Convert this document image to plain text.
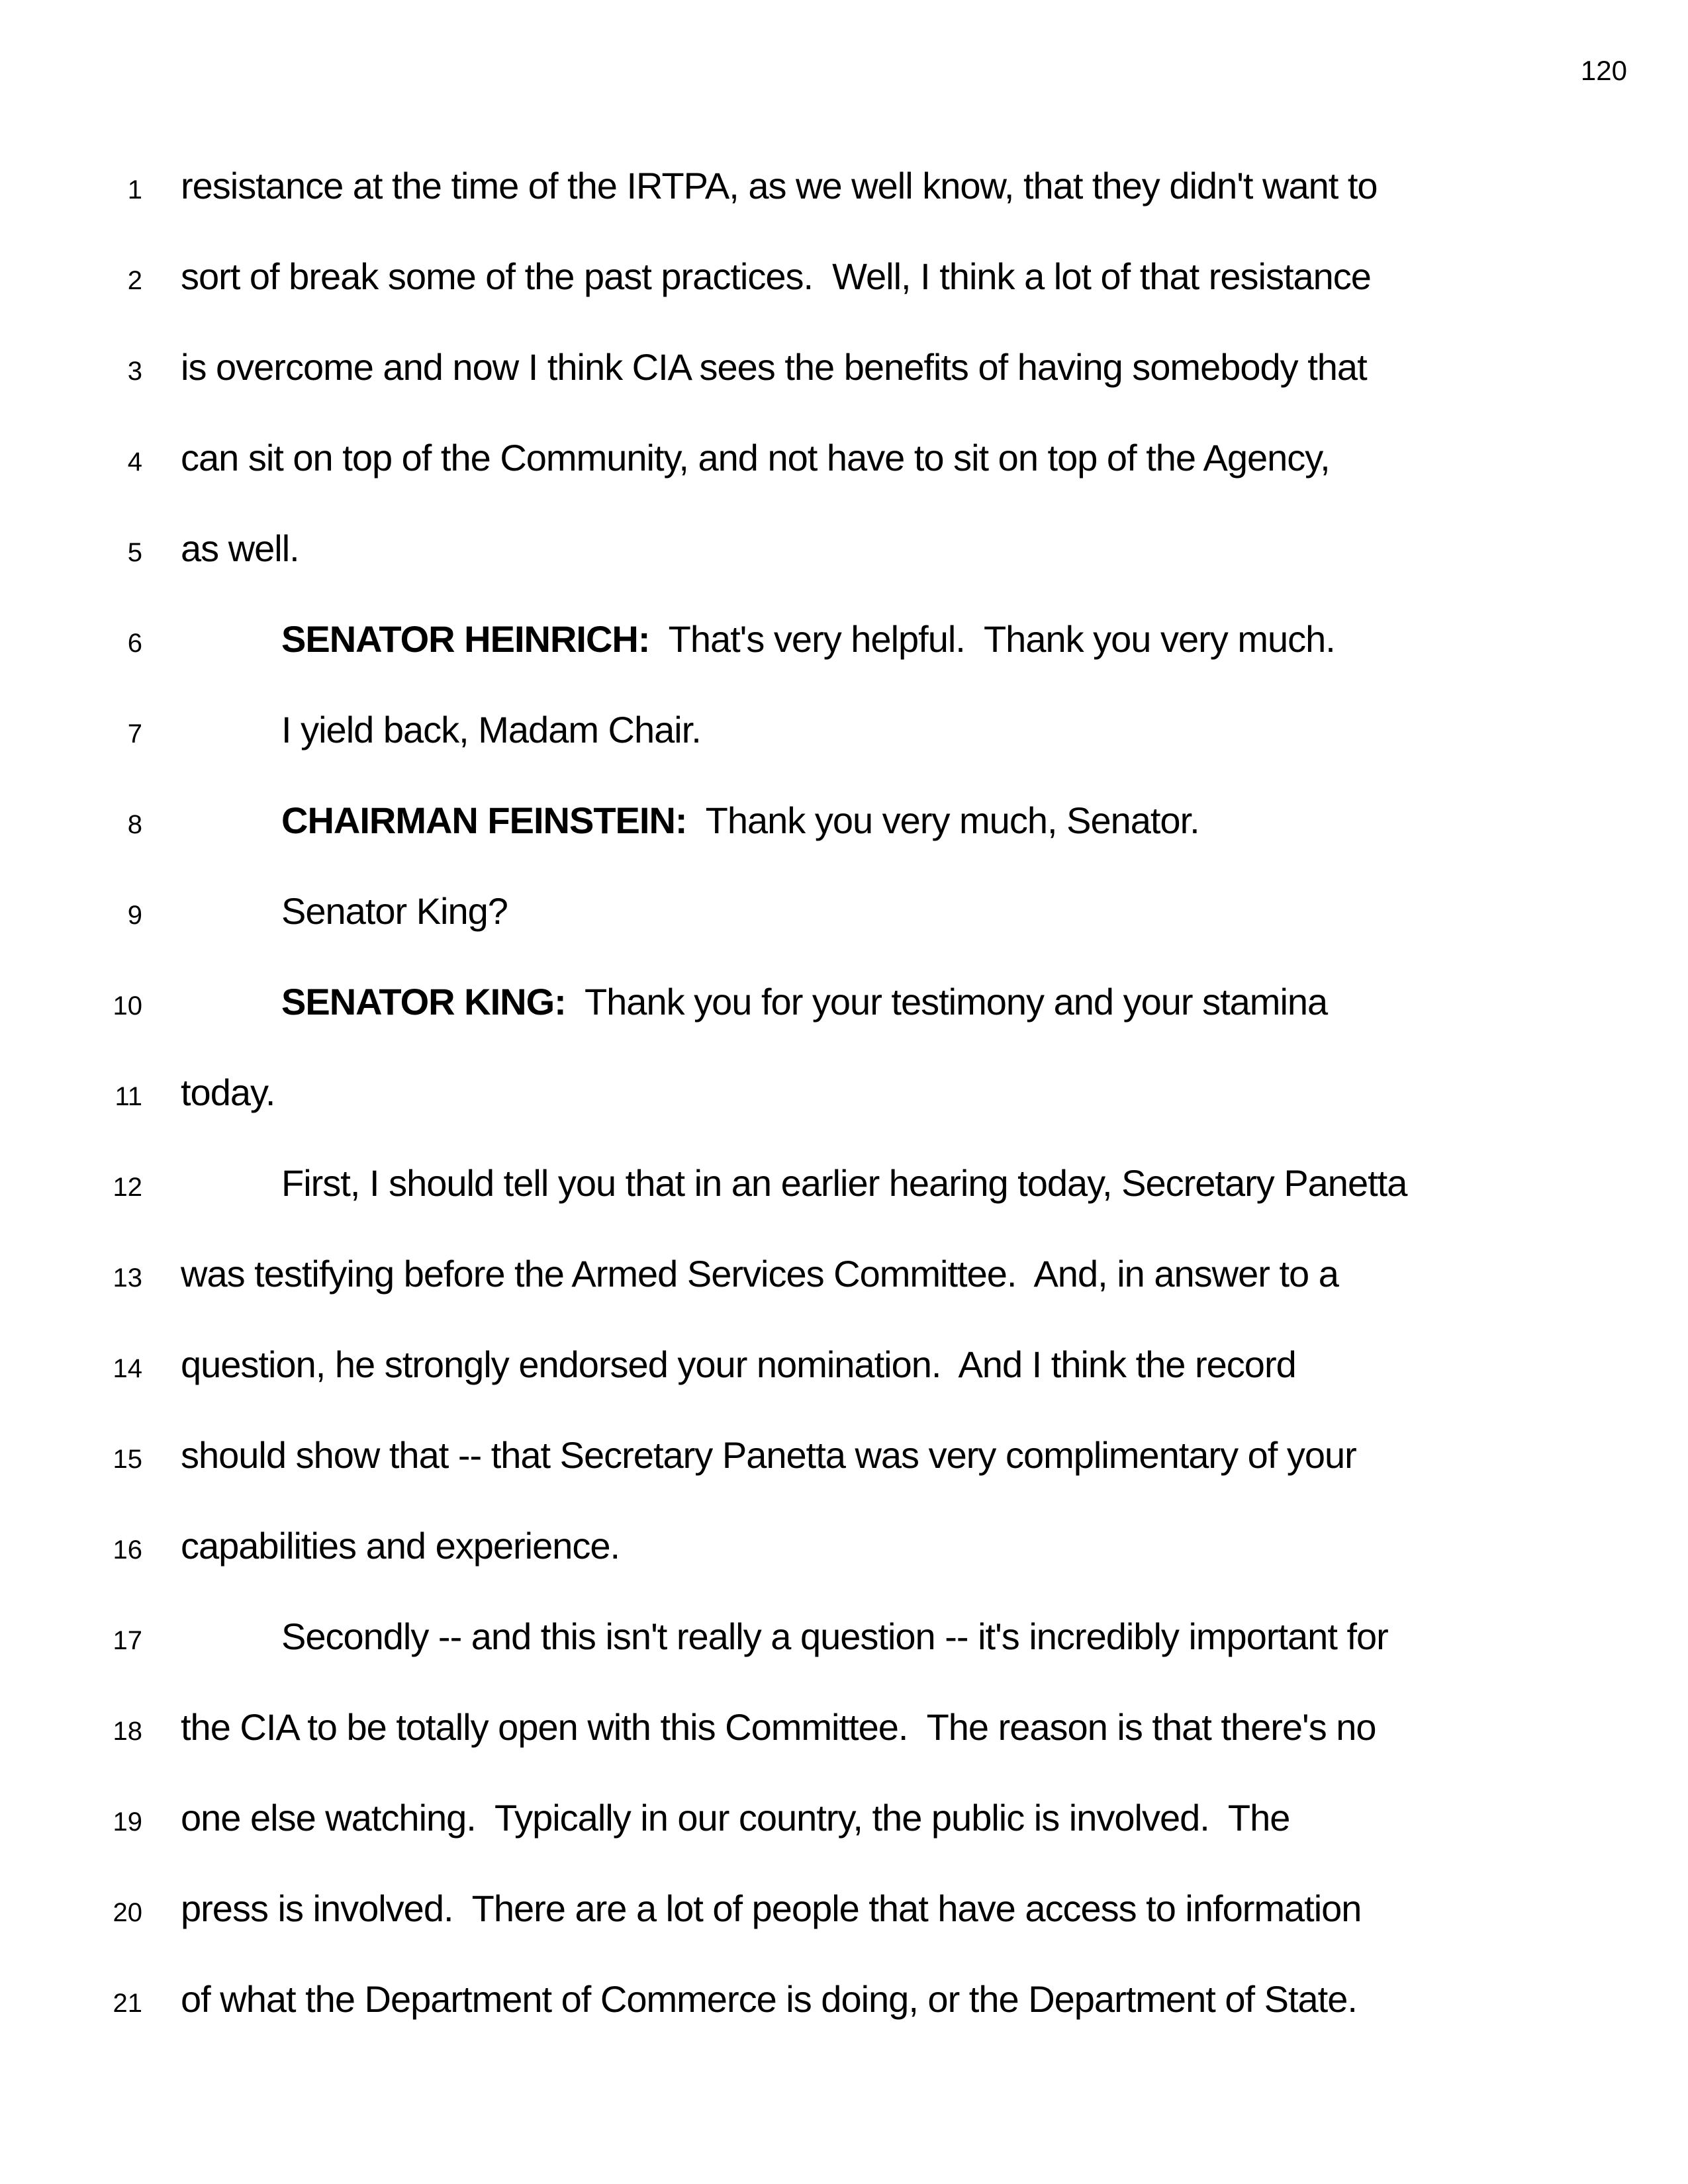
120
1 resistance at the time of the IRTPA, as we well know, that they didn't want to
2 sort of break some of the past practices.  Well, I think a lot of that resistance
3 is overcome and now I think CIA sees the benefits of having somebody that
4 can sit on top of the Community, and not have to sit on top of the Agency,
5 as well.
6	SENATOR HEINRICH:  That's very helpful.  Thank you very much.
7	I yield back, Madam Chair.
8	CHAIRMAN FEINSTEIN:  Thank you very much, Senator.
9	Senator King?
10	SENATOR KING:  Thank you for your testimony and your stamina
11 today.
12	First, I should tell you that in an earlier hearing today, Secretary Panetta
13 was testifying before the Armed Services Committee.  And, in answer to a
14 question, he strongly endorsed your nomination.  And I think the record
15 should show that -- that Secretary Panetta was very complimentary of your
16 capabilities and experience.
17	Secondly -- and this isn't really a question -- it's incredibly important for
18 the CIA to be totally open with this Committee.  The reason is that there's no
19 one else watching.  Typically in our country, the public is involved.  The
20 press is involved.  There are a lot of people that have access to information
21 of what the Department of Commerce is doing, or the Department of State.
